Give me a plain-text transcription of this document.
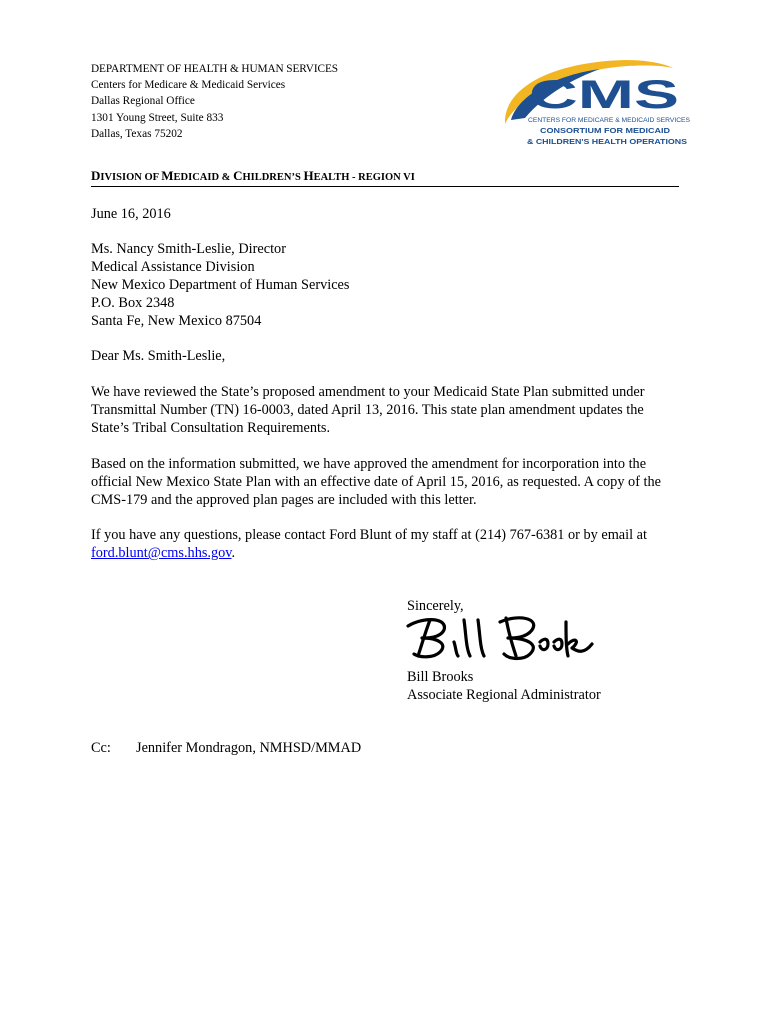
DEPARTMENT OF HEALTH & HUMAN SERVICES
Centers for Medicare & Medicaid Services
Dallas Regional Office
1301 Young Street, Suite 833
Dallas, Texas 75202
CMS
CENTERS FOR MEDICARE & MEDICAID SERVICES
CONSORTIUM FOR MEDICAID
& CHILDREN'S HEALTH OPERATIONS
DIVISION OF MEDICAID & CHILDREN’S HEALTH - REGION VI
June 16, 2016
Ms. Nancy Smith-Leslie, Director
Medical Assistance Division
New Mexico Department of Human Services
P.O. Box 2348
Santa Fe, New Mexico 87504
Dear Ms. Smith-Leslie,
We have reviewed the State’s proposed amendment to your Medicaid State Plan submitted under Transmittal Number (TN) 16-0003, dated April 13, 2016. This state plan amendment updates the State’s Tribal Consultation Requirements.
Based on the information submitted, we have approved the amendment for incorporation into the official New Mexico State Plan with an effective date of April 15, 2016, as requested. A copy of the CMS-179 and the approved plan pages are included with this letter.
If you have any questions, please contact Ford Blunt of my staff at (214) 767-6381 or by email at ford.blunt@cms.hhs.gov.
Sincerely,
Bill Brooks
Associate Regional Administrator
Cc: Jennifer Mondragon, NMHSD/MMAD
